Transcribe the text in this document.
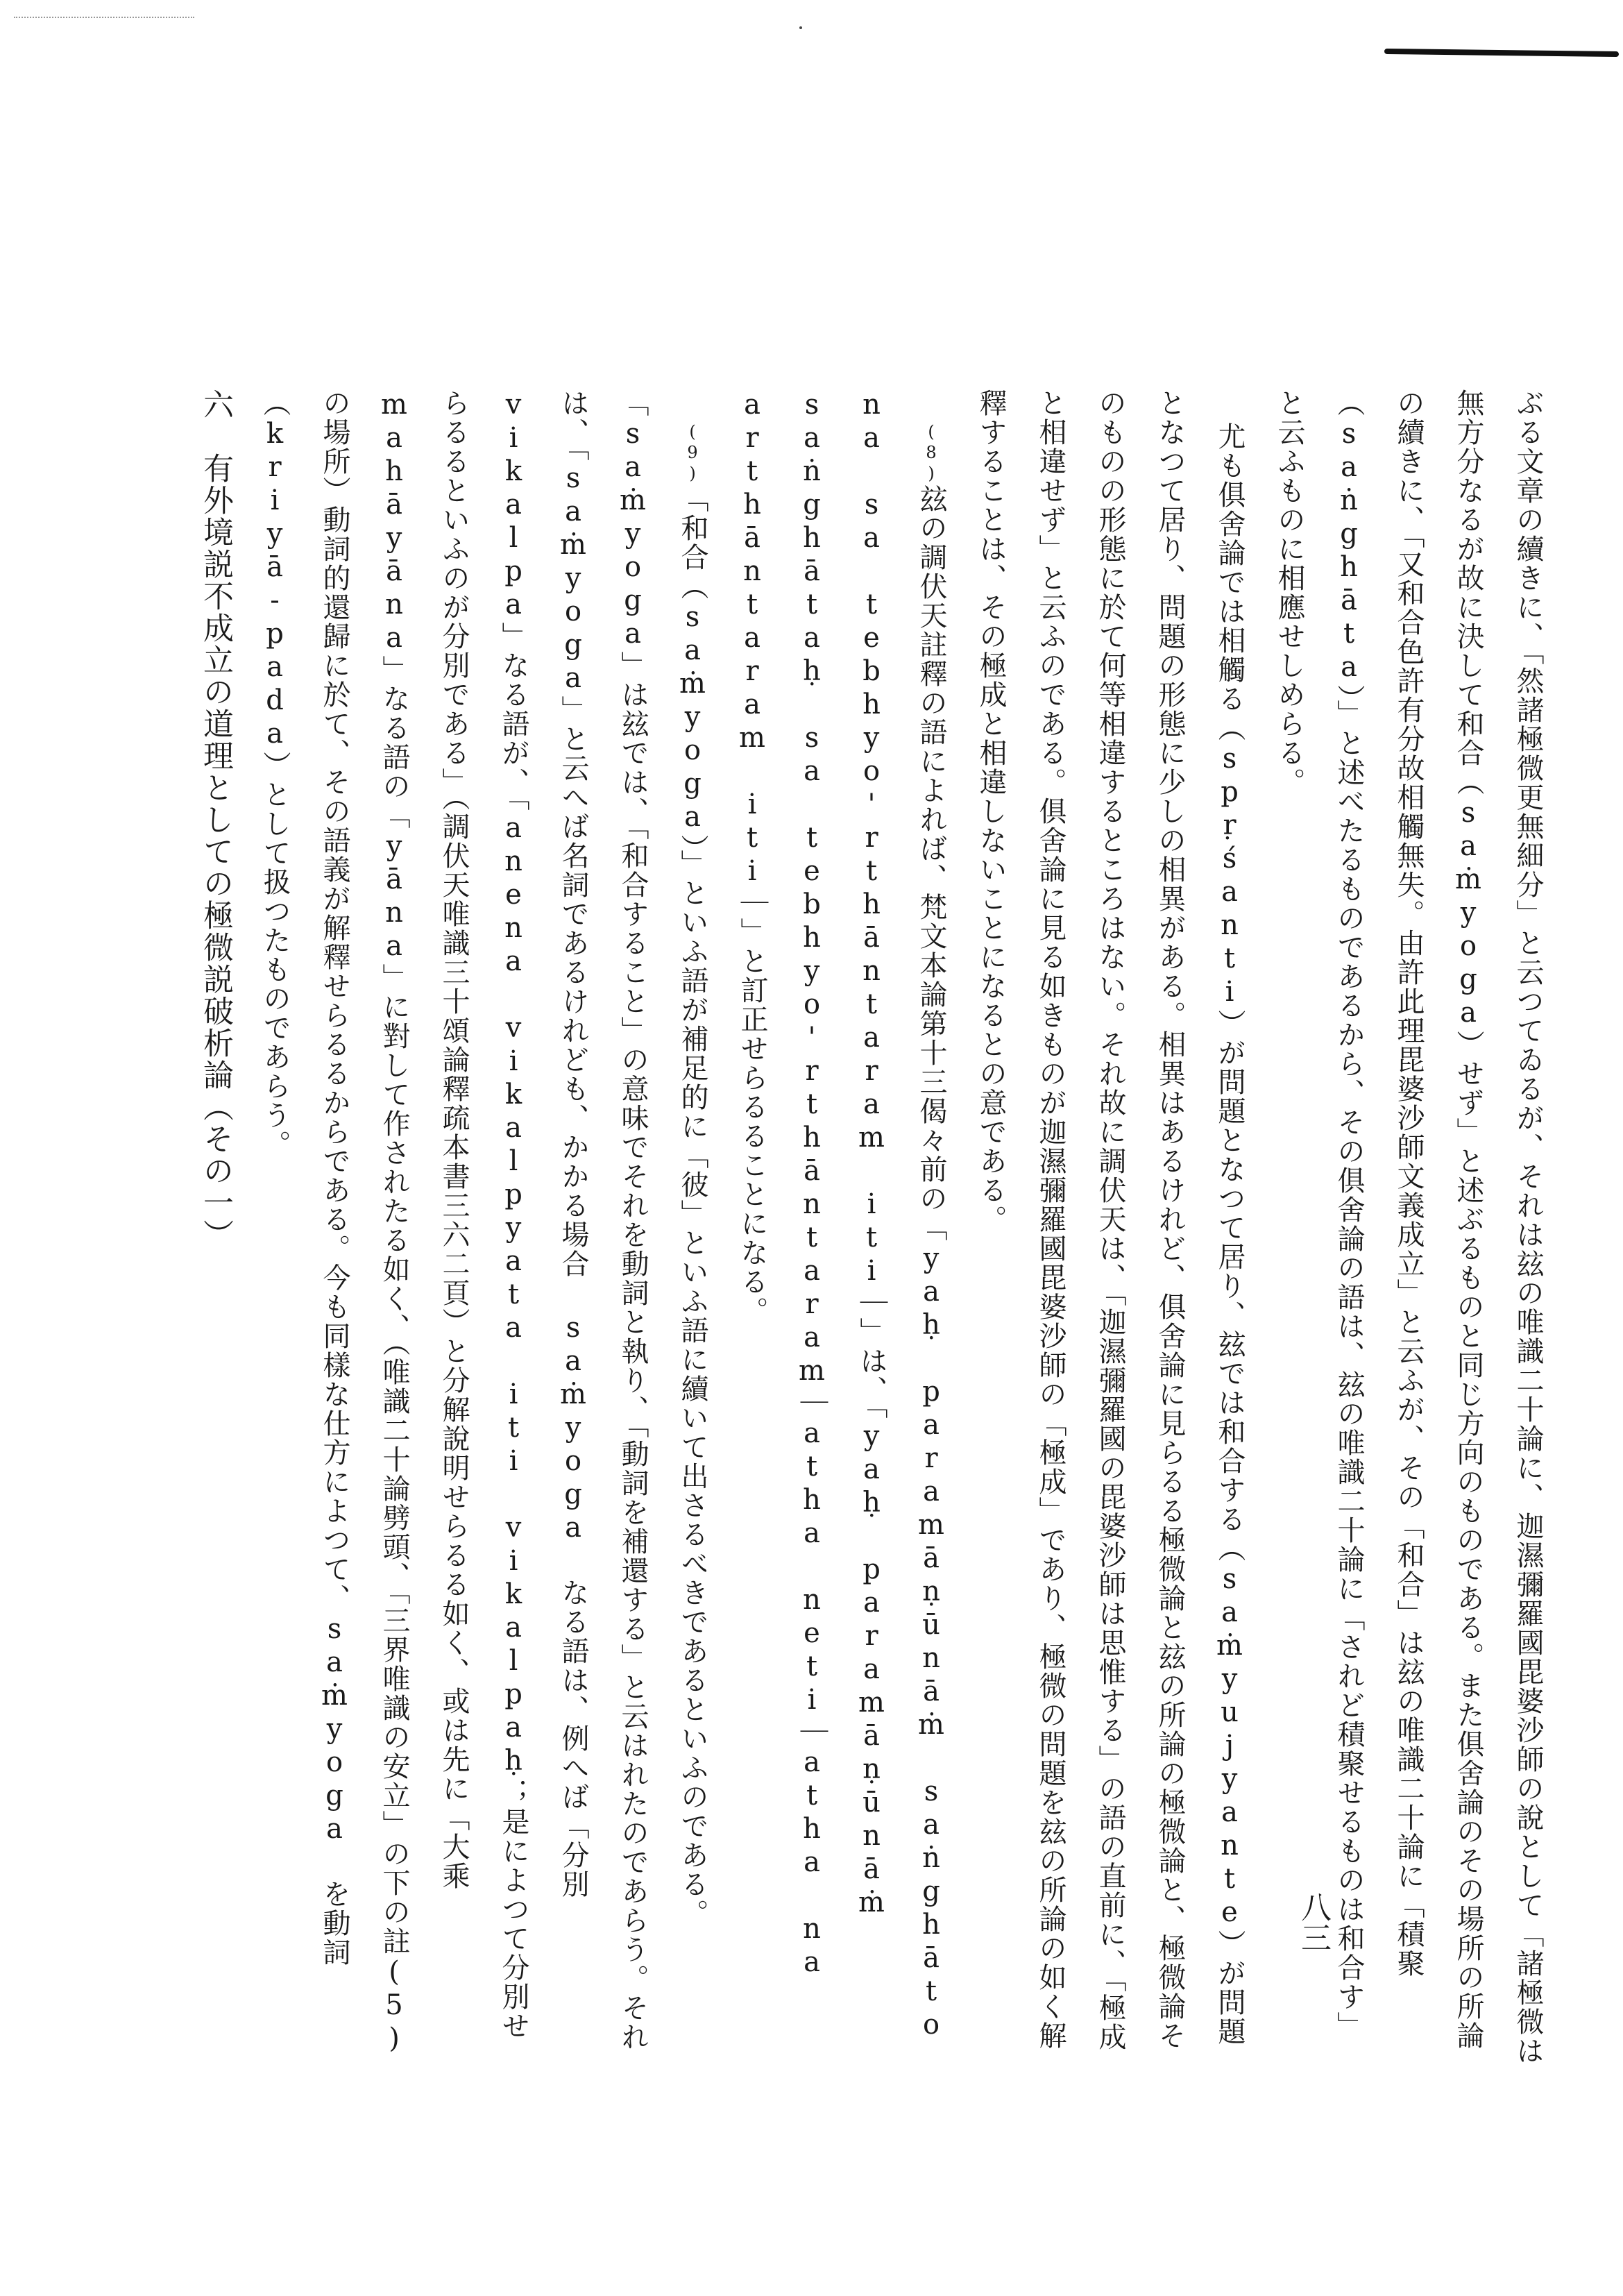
ぶる文章の續きに、「然諸極微更無細分」と云つてゐるが、それは玆の唯識二十論に、迦濕彌羅國毘婆沙師の說として「諸極微は無方分なるが故に決して和合（saṁyoga）せず」と述ぶるものと同じ方向のものである。また俱舍論のその場所の所論の續きに、「又和合色許有分故相觸無失。由許此理毘婆沙師文義成立」と云ふが、その「和合」は玆の唯識二十論に「積聚（saṅghāta）」と述べたるものであるから、その俱舍論の語は、玆の唯識二十論に「されど積聚せるものは和合す」と云ふものに相應せしめらる。

尤も俱舍論では相觸る（spṛśanti）が問題となつて居り、玆では和合する（saṁyujyante）が問題となつて居り、問題の形態に少しの相異がある。相異はあるけれど、俱舍論に見らるる極微論と玆の所論の極微論と、極微論そのものの形態に於て何等相違するところはない。それ故に調伏天は、「迦濕彌羅國の毘婆沙師は思惟する」の語の直前に、「極成と相違せず」と云ふのである。俱舍論に見る如きものが迦濕彌羅國毘婆沙師の「極成」であり、極微の問題を玆の所論の如く解釋することは、その極成と相違しないことになるとの意である。

(8)玆の調伏天註釋の語によれば、梵文本論第十三偈々前の「yaḥ paramāṇūnāṁ saṅghāto na sa tebhyo'rthāntaram iti｜」は、「yaḥ paramāṇūnāṁ saṅghātaḥ sa tebhyo'rthāntaram｜atha neti｜atha na arthāntaram iti｜」と訂正せらるることになる。

(9)「和合（saṁyoga）」といふ語が補足的に「彼」といふ語に續いて出さるべきであるといふのである。「saṁyoga」は玆では、「和合すること」の意味でそれを動詞と執り、「動詞を補還する」と云はれたのであらう。それは、「saṁyoga」と云へば名詞であるけれども、かかる場合 saṁyoga なる語は、例へば「分別 vikalpa」なる語が、「anena vikalpyata iti vikalpaḥ；是によつて分別せらるるといふのが分別である」（調伏天唯識三十頌論釋疏本書三六二頁）と分解說明せらるる如く、或は先に「大乘 mahāyāna」なる語の「yāna」に對して作されたる如く、（唯識二十論劈頭、「三界唯識の安立」の下の註(5)の場所）動詞的還歸に於て、その語義が解釋せらるるからである。今も同樣な仕方によつて、saṁyoga を動詞（kriyā-pada）として扱つたものであらう。

六　有外境説不成立の道理としての極微説破析論（その一）

八三
